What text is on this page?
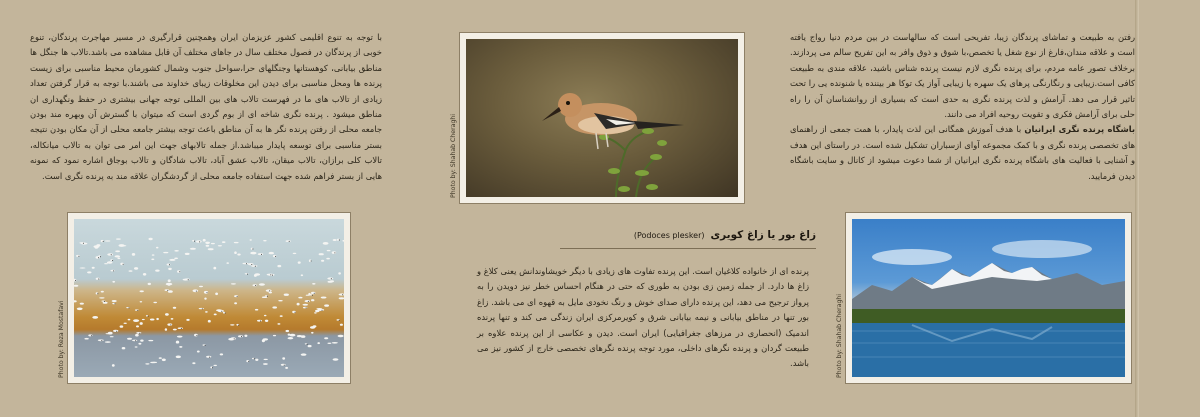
با توجه به تنوع اقلیمی کشور عزیزمان ایران وهمچنین قرارگیری در مسیر مهاجرت پرندگان، تنوع خوبی از پرندگان در فصول مختلف سال در جاهای مختلف آن قابل مشاهده می باشد.تالاب ها جنگل ها مناطق بیابانی، کوهستانها وجنگلهای حرا،سواحل جنوب وشمال کشورمان محیط مناسبی برای زیست پرنده ها ومحل مناسبی برای دیدن این مخلوقات زیبای خداوند می باشند.با توجه به قرار گرفتن تعداد زیادی از تالاب های ما در فهرست تالاب های بین المللی توجه جهانی بیشتری در حفظ ونگهداری ان مناطق میشود . پرنده نگری شاخه ای از بوم گردی است که میتوان با گسترش آن وبهره مند بودن جامعه محلی از رفتن پرنده نگر ها به آن مناطق باعث توجه بیشتر جامعه محلی از آن مکان بودن نتیجه بستر مناسبی برای توسعه پایدار میباشد.از جمله تالابهای جهت این امر می توان به تالاب میانکاله، تالاب کلی برازان، تالاب میقان، تالاب عشق آباد، تالاب شادگان و تالاب بوجاق اشاره نمود که نمونه هایی از بستر فراهم شده جهت استفاده جامعه محلی از گردشگران علاقه مند به پرنده نگری است.

رفتن به طبیعت و تماشای پرندگان زیبا، تفریحی است که سالهاست در بین مردم دنیا رواج یافته است و علاقه مندان،فارغ از نوع شغل یا تخصص،با شوق و ذوق وافر به این تفریح سالم می پردازند. برخلاف تصور عامه مردم، برای پرنده نگری لازم نیست پرنده شناس باشید، علاقه مندی به طبیعت کافی است.زیبایی و رنگارنگی پرهای یک سهره یا زیبایی آواز یک توکا هر بیننده یا شنونده یی را تحت تاثیر قرار می دهد. آرامش و لذت پرنده نگری به حدی است که بسیاری از روانشناسان آن را راه حلی برای آرامش فکری و تقویت روحیه افراد می دانند.

باشگاه پرنده نگری ایرانیان با هدف آموزش همگانی این لذت پایدار، با همت جمعی از راهنمای های تخصصی پرنده نگری و با کمک مجموعه آوای ازسباران تشکیل شده است. در راستای این هدف و آشنایی با فعالیت های باشگاه پرنده نگری ایرانیان از شما دعوت میشود از کانال و سایت باشگاه دیدن فرمایید.

Photo by: Shahab Cheraghi
زاغ بور یا زاغ کویری(Podoces plesker)

پرنده ای از خانواده کلاغیان است. این پرنده تفاوت های زیادی با دیگر خویشاوندانش یعنی کلاغ و زاغ ها دارد. از جمله زمین زی بودن به طوری که حتی در هنگام احساس خطر نیز دویدن را به پرواز ترجیح می دهد، این پرنده دارای صدای خوش و رنگ نخودی مایل به قهوه ای می باشد. زاغ بور تنها در مناطق بیابانی و نیمه بیابانی شرق و کویرمرکزی ایران زندگی می کند و تنها پرنده اندمیک (انحصاری در مرزهای جغرافیایی) ایران است. دیدن و عکاسی از این پرنده علاوه بر طبیعت گردان و پرنده نگرهای داخلی، مورد توجه پرنده نگرهای تخصصی خارج از کشور نیز می باشد.

Photo by: Reza Mostafavi	Photo by: Shahab Cheraghi
